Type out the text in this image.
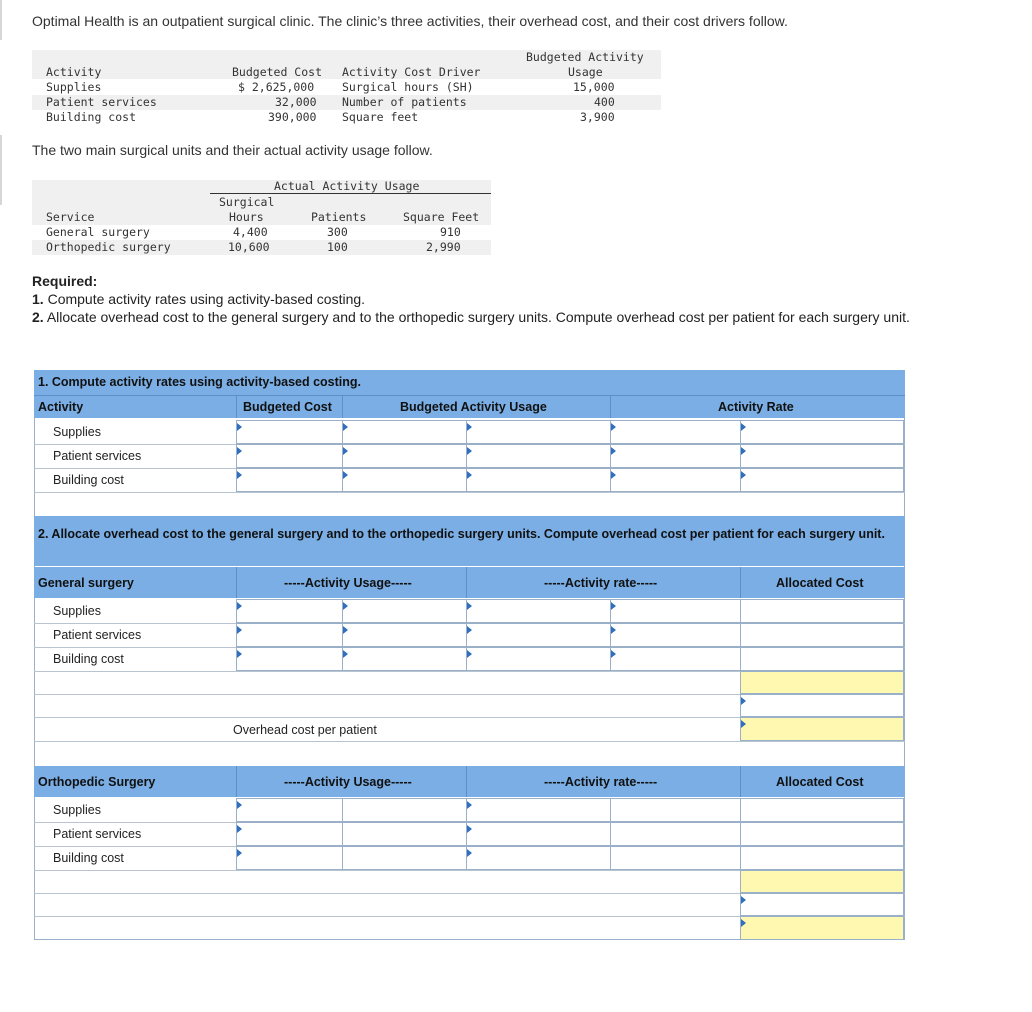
Optimal Health is an outpatient surgical clinic. The clinic’s three activities, their overhead cost, and their cost drivers follow.
Budgeted Activity
Activity	Budgeted Cost Activity Cost Driver	Usage
Supplies	$ 2,625,000 Surgical hours (SH)	15,000
Patient services	32,000 Number of patients	400
Building cost	390,000 Square feet	3,900
The two main surgical units and their actual activity usage follow.
Actual Activity Usage
Surgical
Service	Hours	Patients	Square Feet
General surgery	4,400	300	910
Orthopedic surgery	10,600	100	2,990
Required:
1. Compute activity rates using activity-based costing.
2. Allocate overhead cost to the general surgery and to the orthopedic surgery units. Compute overhead cost per patient for each surgery unit.
1. Compute activity rates using activity-based costing.
Activity	Budgeted Cost	Budgeted Activity Usage	Activity Rate
Supplies
Patient services
Building cost
2. Allocate overhead cost to the general surgery and to the orthopedic surgery units. Compute overhead cost per patient for each surgery unit.
General surgery	-----Activity Usage-----	-----Activity rate-----	Allocated Cost
Supplies
Patient services
Building cost
Overhead cost per patient
Orthopedic Surgery	-----Activity Usage-----	-----Activity rate-----	Allocated Cost
Supplies
Patient services
Building cost
